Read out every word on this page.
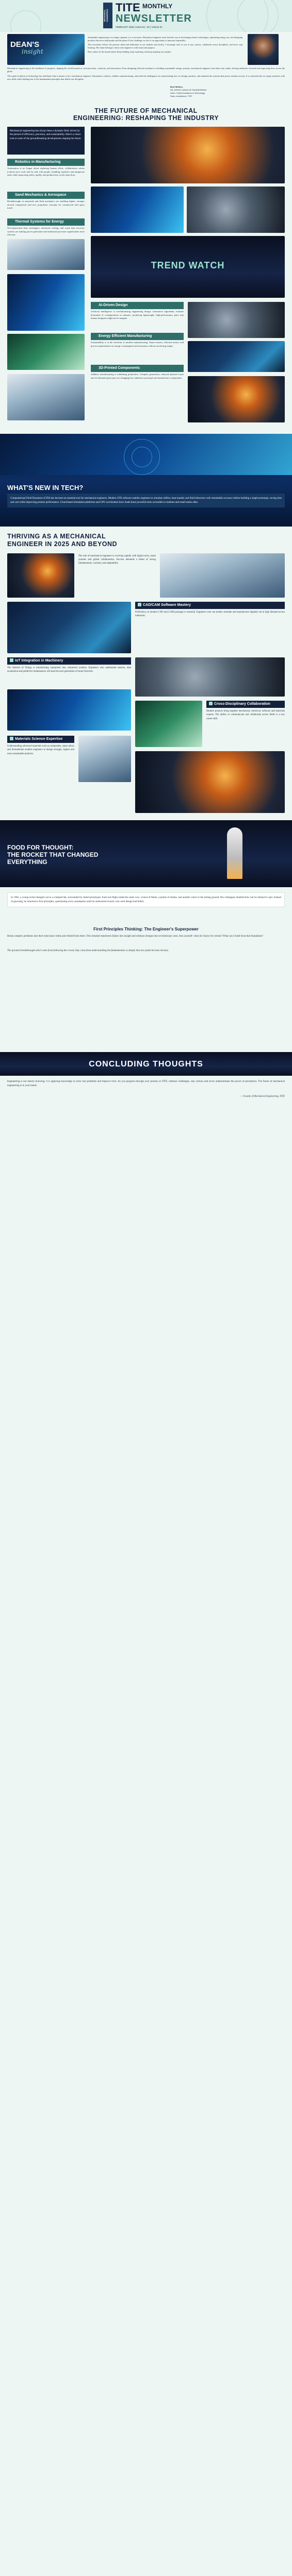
MECHANICAL ENGINEERING
TITE MONTHLY
NEWSLETTER
FEBRUARY 2025 | Issue No.: 02 | Volume 01
DEAN'S
insight

Mechanical engineering is the backbone of progress, shaping the world around us with precision, creativity, and innovation. From designing efficient machines to building sustainable energy systems, mechanical engineers turn ideas into reality, driving industries forward and improving lives across the globe.

The rapid evolution of technology has redefined what it means to be a mechanical engineer. Automation, robotics, additive manufacturing, and artificial intelligence are transforming how we design, produce, and maintain the systems that power modern society. It is essential that we equip ourselves with new skills while holding fast to the fundamental principles that define our discipline.

Sustainable engineering is no longer optional; it is a necessity. Mechanical engineers must lead the way in developing cleaner technologies, optimizing energy use, and designing products that serve both people and the planet. Every challenge we face is an opportunity to innovate responsibly.

This newsletter reflects the passion, talent and dedication of our students and faculty. I encourage each of you to stay curious, collaborate across disciplines, and never stop learning. The future belongs to those who engineer it with vision and purpose.

Best wishes for the month ahead. Keep building, keep exploring, and keep inspiring one another.

Best Wishes,
DR. (PROF.) DEAN OF ENGINEERING
Dean, Trident Academy of Technology
Dean, Academics, TITE
THE FUTURE OF MECHANICAL
ENGINEERING: RESHAPING THE INDUSTRY
Mechanical engineering has always been a dynamic field, driven by the pursuit of efficiency, precision, and sustainability. Here's a closer look at some of the groundbreaking developments shaping the future.
Robotics in Manufacturing

Automation is no longer about replacing human effort; collaborative robots (cobots) now work side by side with people, handling repetitive and dangerous tasks while improving safety, quality and productivity on the shop floor.

Sand Mechanics & Aerospace

Breakthroughs in materials and fluid mechanics are enabling lighter, stronger aircraft components and new propulsion concepts for commercial and space travel.

Thermal Systems for Energy

Next-generation heat exchangers, advanced cooling, and waste heat recovery systems are making power generation and industrial processes significantly more efficient.

TREND WATCH
AI-Driven Design

Artificial intelligence is revolutionising engineering design. Generative algorithms evaluate thousands of configurations in minutes, producing lightweight, high-performance parts that human designers might never imagine.

Energy Efficient Manufacturing

Sustainability is at the forefront of modern manufacturing. Smart sensors, efficient motors and process optimisation cut energy consumption and emissions without sacrificing output.

3D-Printed Components

Additive manufacturing is redefining production. Complex geometries, reduced material waste and on-demand spare parts are changing how industries prototype and manufacture components.

WHAT'S NEW IN TECH?
Computational Fluid Dynamics (CFD) has become an essential tool for mechanical engineers. Modern CFD software enables engineers to simulate airflow, heat transfer and fluid behaviour with remarkable accuracy before building a single prototype, saving time and cost while improving product performance. Cloud-based simulation platforms and GPU acceleration have made these powerful tools accessible to students and small teams alike.
THRIVING AS A MECHANICAL
ENGINEER IN 2025 AND BEYOND
The role of mechanical engineers is evolving rapidly with digital tools, smart systems and global collaboration. Success demands a blend of strong fundamentals, curiosity and adaptability.
CAD/CAM Software Mastery

Proficiency in modern CAD and CAM packages is essential. Engineers who can model, simulate and manufacture digitally are in high demand across industries.

IoT Integration in Machinery

The Internet of Things is transforming equipment into connected systems. Engineers who understand sensors, data acquisition and predictive maintenance will lead the next generation of smart factories.

Cross-Disciplinary Collaboration

Modern projects bring together mechanical, electrical, software and materials experts. The ability to communicate and collaborate across fields is a key career skill.

Materials Science Expertise

Understanding advanced materials such as composites, smart alloys and biomaterials enables engineers to design stronger, lighter and more sustainable products.

FOOD FOR THOUGHT:
THE ROCKET THAT CHANGED
EVERYTHING
In 1962, a young rocket designer sat in a cramped lab, surrounded by failed prototypes. Each test flight ended the same way: a burst of flame, a plume of smoke, and another crater in the testing ground. His colleagues doubted him, but he refused to quit. Instead of guessing, he returned to first principles, questioning every assumption until he understood exactly why each design had failed.
First Principles Thinking: The Engineer's Superpower
Break complex problems into their most basic truths and rebuild from there. This mindset transforms failure into insight and ordinary designs into revolutionary ones. Ask yourself: what do I know for certain? What can I build from that foundation?
The greatest breakthroughs don't come from following the crowd, they come from understanding the fundamentals so deeply that new paths become obvious.
CONCLUDING THOUGHTS
Engineering is not merely knowing; it is applying knowledge to solve real problems and improve lives. As you progress through your journey at TITE, embrace challenges, stay curious and never underestimate the power of persistence. The future of mechanical engineering is in your hands.
— Faculty of Mechanical Engineering, TITE
